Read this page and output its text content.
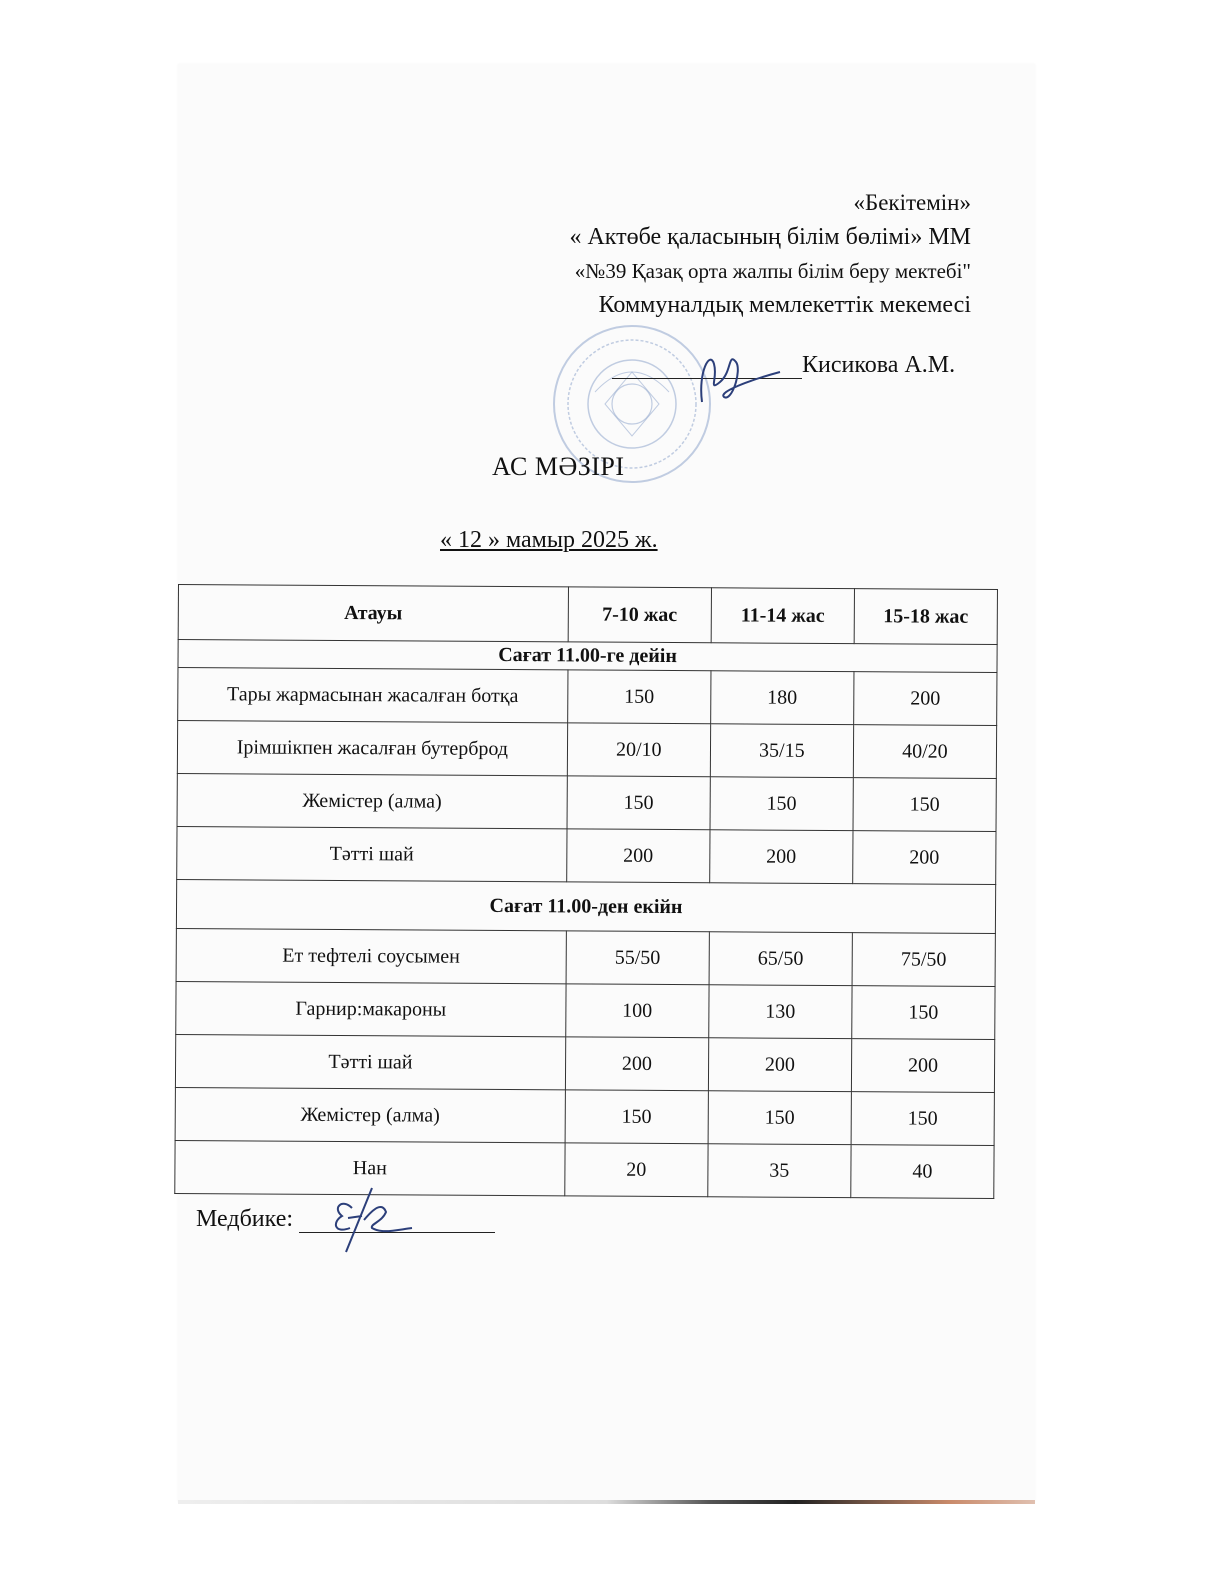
«Бекітемін»
« Актөбе қаласының білім бөлімі» ММ
«№39 Қазақ орта жалпы білім беру мектебі"
Коммуналдық мемлекеттік мекемесі
Кисикова А.М.
АС МӘЗІРІ
« 12 » мамыр 2025 ж.
Атауы	7-10 жас	11-14 жас	15-18 жас
Сағат 11.00-ге дейін			
Тары жармасынан жасалған ботқа	150	180	200
Ірімшікпен жасалған бутерброд	20/10	35/15	40/20
Жемістер (алма)	150	150	150
Тәтті шай	200	200	200
Сағат 11.00-ден екійн			
Ет тефтелі соусымен	55/50	65/50	75/50
Гарнир:макароны	100	130	150
Тәтті шай	200	200	200
Жемістер (алма)	150	150	150
Нан	20	35	40
Медбике:
